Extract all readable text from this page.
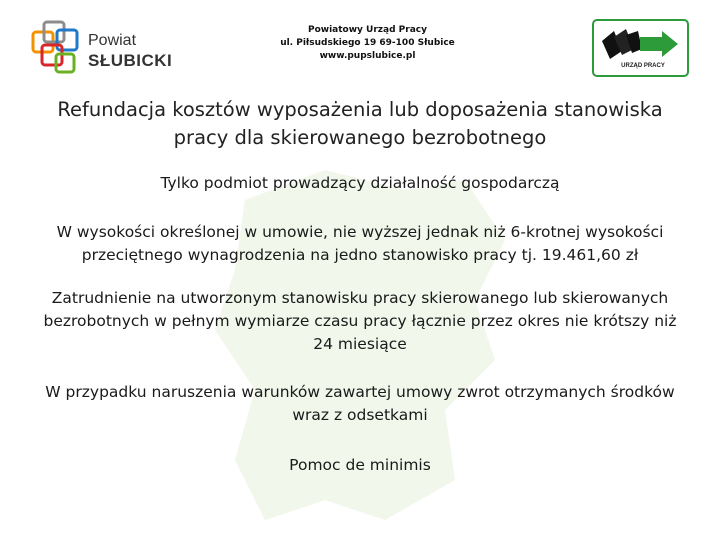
Powiat
SŁUBICKI
Powiatowy Urząd Pracy
ul. Piłsudskiego 19 69-100 Słubice
www.pupslubice.pl
URZĄD PRACY
Refundacja kosztów wyposażenia lub doposażenia stanowiska pracy dla skierowanego bezrobotnego
Tylko podmiot prowadzący działalność gospodarczą
W wysokości określonej w umowie, nie wyższej jednak niż 6-krotnej wysokości przeciętnego wynagrodzenia na jedno stanowisko pracy tj. 19.461,60 zł
Zatrudnienie na utworzonym stanowisku pracy skierowanego lub skierowanych bezrobotnych w pełnym wymiarze czasu pracy łącznie przez okres nie krótszy niż 24 miesiące
W przypadku naruszenia warunków zawartej umowy zwrot otrzymanych środków wraz z odsetkami
Pomoc de minimis
